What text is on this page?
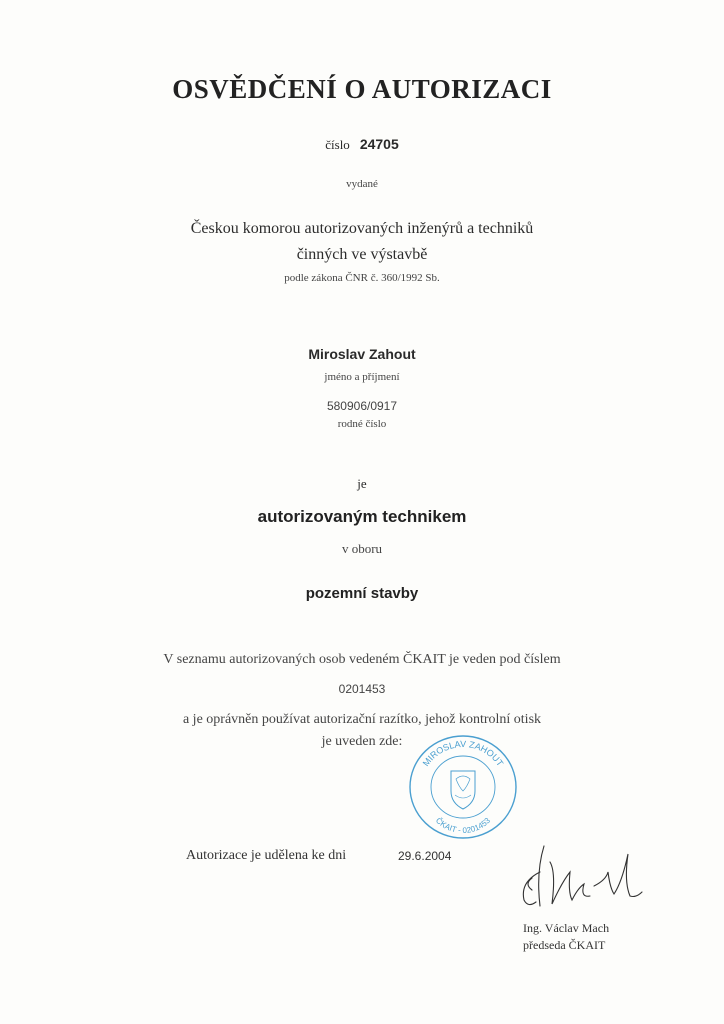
OSVĚDČENÍ O AUTORIZACI
číslo 24705
vydané
Českou komorou autorizovaných inženýrů a techniků
činných ve výstavbě
podle zákona ČNR č. 360/1992 Sb.
Miroslav Zahout
jméno a příjmení
580906/0917
rodné číslo
je
autorizovaným technikem
v oboru
pozemní stavby
V seznamu autorizovaných osob vedeném ČKAIT je veden pod číslem
0201453
a je oprávněn používat autorizační razítko, jehož kontrolní otisk
je uveden zde:
MIROSLAV ZAHOUT
ČKAIT - 0201453
Autorizace je udělena ke dni	29.6.2004
Ing. Václav Mach
předseda ČKAIT
